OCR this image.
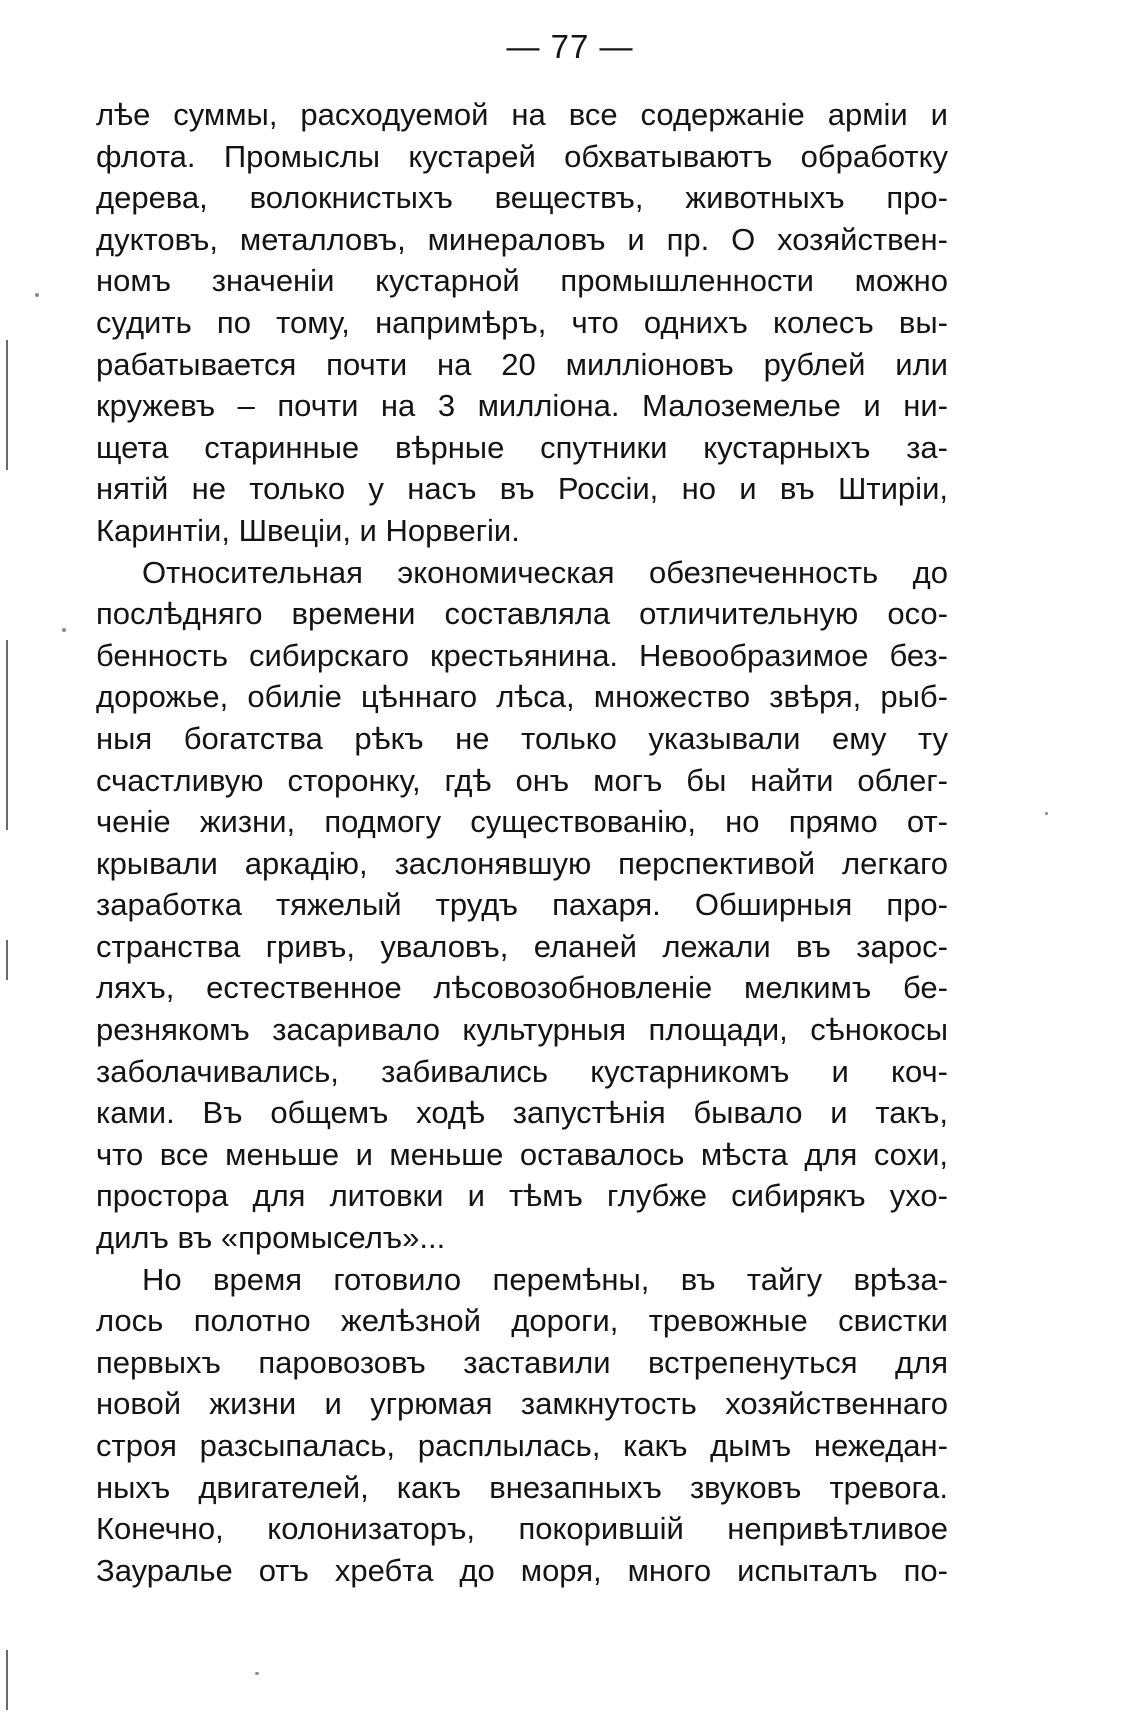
— 77 —
лѣе суммы, расходуемой на все содержаніе арміи и
флота. Промыслы кустарей обхватываютъ обработку
дерева, волокнистыхъ веществъ, животныхъ про-
дуктовъ, металловъ, минераловъ и пр. О хозяйствен-
номъ значеніи кустарной промышленности можно
судить по тому, напримѣръ, что однихъ колесъ вы-
рабатывается почти на 20 милліоновъ рублей или
кружевъ – почти на 3 милліона. Малоземелье и ни-
щета старинные вѣрные спутники кустарныхъ за-
нятій не только у насъ въ Россіи, но и въ Штиріи,
Каринтіи, Швеціи, и Норвегіи.
Относительная экономическая обезпеченность до
послѣдняго времени составляла отличительную осо-
бенность сибирскаго крестьянина. Невообразимое без-
дорожье, обиліе цѣннаго лѣса, множество звѣря, рыб-
ныя богатства рѣкъ не только указывали ему ту
счастливую сторонку, гдѣ онъ могъ бы найти облег-
ченіе жизни, подмогу существованію, но прямо от-
крывали аркадію, заслонявшую перспективой легкаго
заработка тяжелый трудъ пахаря. Обширныя про-
странства гривъ, уваловъ, еланей лежали въ зарос-
ляхъ, естественное лѣсовозобновленіе мелкимъ бе-
резнякомъ засаривало культурныя площади, сѣнокосы
заболачивались, забивались кустарникомъ и коч-
ками. Въ общемъ ходѣ запустѣнія бывало и такъ,
что все меньше и меньше оставалось мѣста для сохи,
простора для литовки и тѣмъ глубже сибирякъ ухо-
дилъ въ «промыселъ»...
Но время готовило перемѣны, въ тайгу врѣза-
лось полотно желѣзной дороги, тревожные свистки
первыхъ паровозовъ заставили встрепенуться для
новой жизни и угрюмая замкнутость хозяйственнаго
строя разсыпалась, расплылась, какъ дымъ нежедан-
ныхъ двигателей, какъ внезапныхъ звуковъ тревога.
Конечно, колонизаторъ, покорившій непривѣтливое
Зауралье отъ хребта до моря, много испыталъ по-
